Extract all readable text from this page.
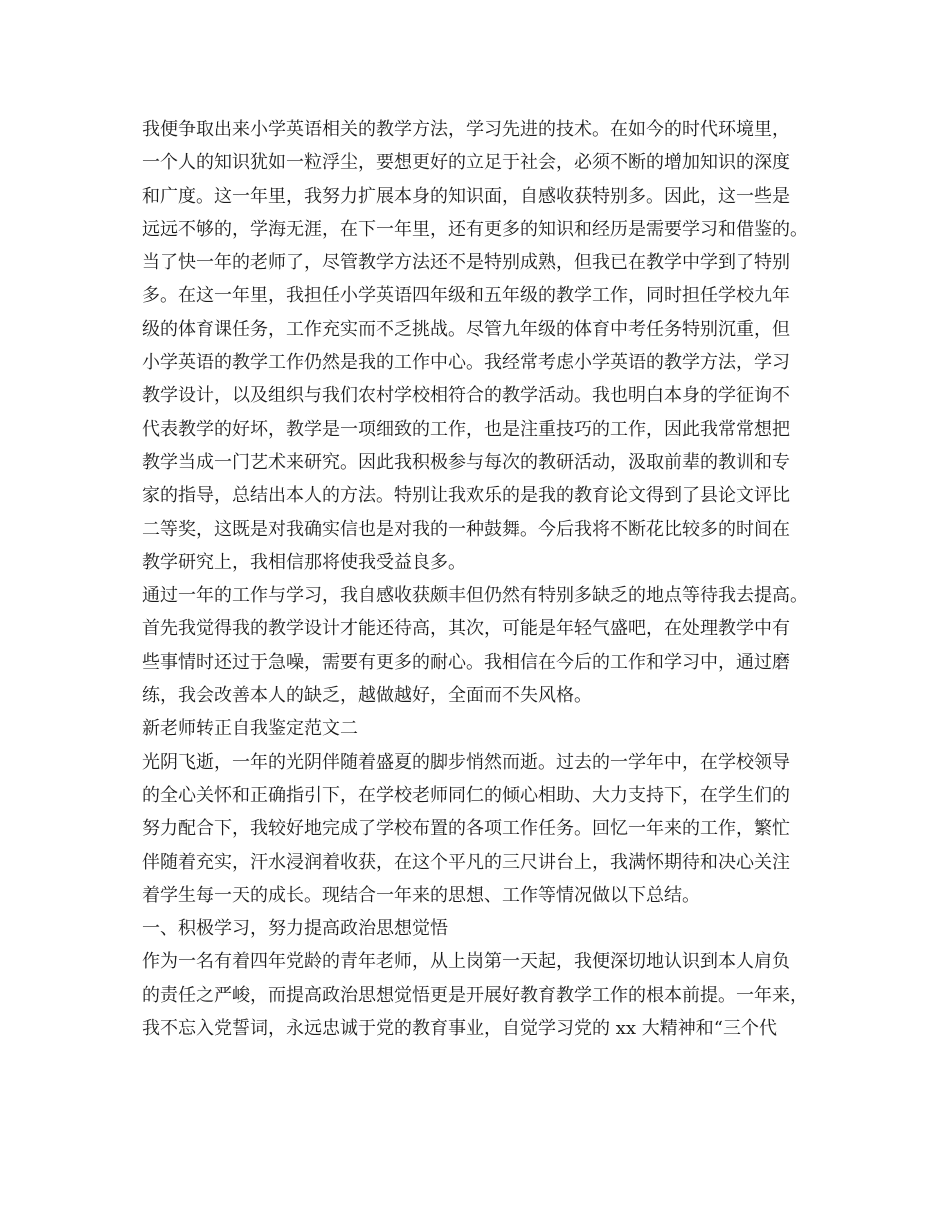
我便争取出来小学英语相关的教学方法，学习先进的技术。在如今的时代环境里，
一个人的知识犹如一粒浮尘，要想更好的立足于社会，必须不断的增加知识的深度
和广度。这一年里，我努力扩展本身的知识面，自感收获特别多。因此，这一些是
远远不够的，学海无涯，在下一年里，还有更多的知识和经历是需要学习和借鉴的。
当了快一年的老师了，尽管教学方法还不是特别成熟，但我已在教学中学到了特别
多。在这一年里，我担任小学英语四年级和五年级的教学工作，同时担任学校九年
级的体育课任务，工作充实而不乏挑战。尽管九年级的体育中考任务特别沉重，但
小学英语的教学工作仍然是我的工作中心。我经常考虑小学英语的教学方法，学习
教学设计，以及组织与我们农村学校相符合的教学活动。我也明白本身的学征询不
代表教学的好坏，教学是一项细致的工作，也是注重技巧的工作，因此我常常想把
教学当成一门艺术来研究。因此我积极参与每次的教研活动，汲取前辈的教训和专
家的指导，总结出本人的方法。特别让我欢乐的是我的教育论文得到了县论文评比
二等奖，这既是对我确实信也是对我的一种鼓舞。今后我将不断花比较多的时间在
教学研究上，我相信那将使我受益良多。
通过一年的工作与学习，我自感收获颇丰但仍然有特别多缺乏的地点等待我去提高。
首先我觉得我的教学设计才能还待高，其次，可能是年轻气盛吧，在处理教学中有
些事情时还过于急噪，需要有更多的耐心。我相信在今后的工作和学习中，通过磨
练，我会改善本人的缺乏，越做越好，全面而不失风格。
新老师转正自我鉴定范文二
光阴飞逝，一年的光阴伴随着盛夏的脚步悄然而逝。过去的一学年中，在学校领导
的全心关怀和正确指引下，在学校老师同仁的倾心相助、大力支持下，在学生们的
努力配合下，我较好地完成了学校布置的各项工作任务。回忆一年来的工作，繁忙
伴随着充实，汗水浸润着收获，在这个平凡的三尺讲台上，我满怀期待和决心关注
着学生每一天的成长。现结合一年来的思想、工作等情况做以下总结。
一、积极学习，努力提高政治思想觉悟
作为一名有着四年党龄的青年老师，从上岗第一天起，我便深切地认识到本人肩负
的责任之严峻，而提高政治思想觉悟更是开展好教育教学工作的根本前提。一年来，
我不忘入党誓词，永远忠诚于党的教育事业，自觉学习党的 xx 大精神和“三个代
